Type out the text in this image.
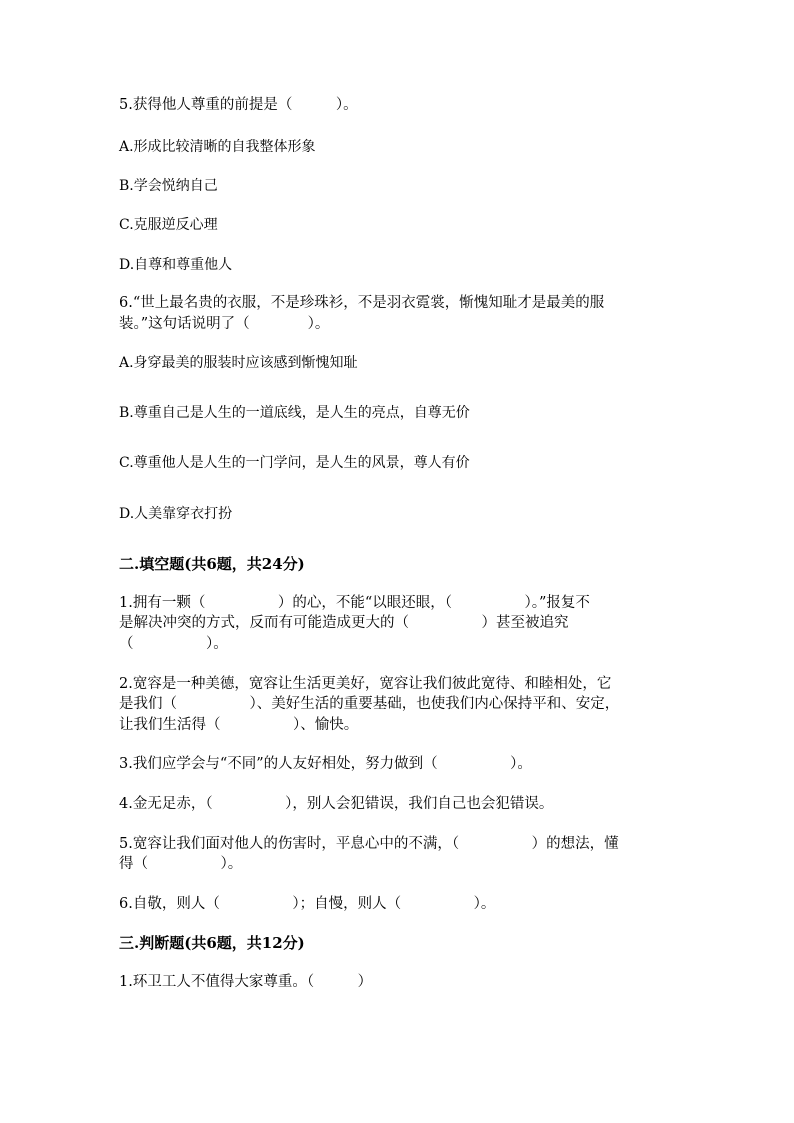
5.获得他人尊重的前提是（　　　）。
A.形成比较清晰的自我整体形象
B.学会悦纳自己
C.克服逆反心理
D.自尊和尊重他人
6.“世上最名贵的衣服，不是珍珠衫，不是羽衣霓裳，惭愧知耻才是最美的服
装。”这句话说明了（　　　　）。
A.身穿最美的服装时应该感到惭愧知耻
B.尊重自己是人生的一道底线，是人生的亮点，自尊无价
C.尊重他人是人生的一门学问，是人生的风景，尊人有价
D.人美靠穿衣打扮
二.填空题(共6题，共24分)
1.拥有一颗（　　　　　）的心，不能“以眼还眼，（　　　　　）。”报复不
是解决冲突的方式，反而有可能造成更大的（　　　　　）甚至被追究
（　　　　　）。
2.宽容是一种美德，宽容让生活更美好，宽容让我们彼此宽待、和睦相处，它
是我们（　　　　　）、美好生活的重要基础，也使我们内心保持平和、安定，
让我们生活得（　　　　　）、愉快。
3.我们应学会与“不同”的人友好相处，努力做到（　　　　　）。
4.金无足赤，（　　　　　），别人会犯错误，我们自己也会犯错误。
5.宽容让我们面对他人的伤害时，平息心中的不满，（　　　　　）的想法，懂
得（　　　　　）。
6.自敬，则人（　　　　　）；自慢，则人（　　　　　）。
三.判断题(共6题，共12分)
1.环卫工人不值得大家尊重。（　　　）
